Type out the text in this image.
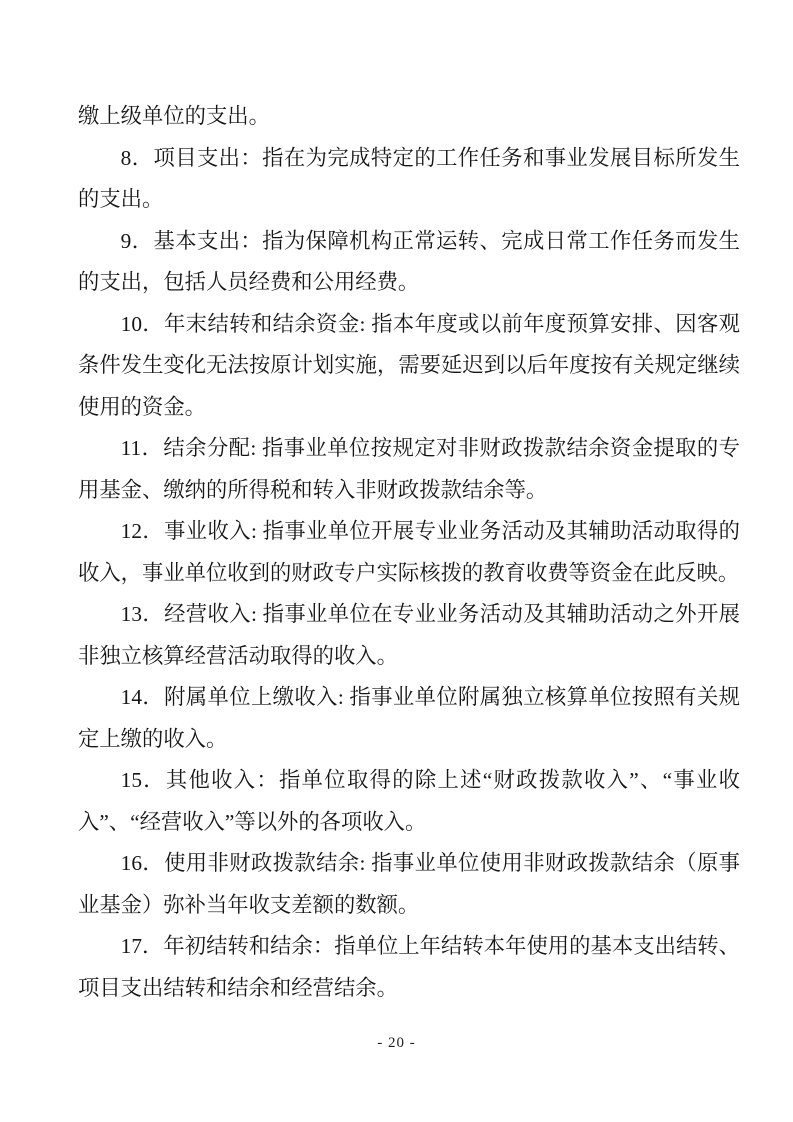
缴上级单位的支出。

8．项目支出：指在为完成特定的工作任务和事业发展目标所发生的支出。

9．基本支出：指为保障机构正常运转、完成日常工作任务而发生的支出，包括人员经费和公用经费。

10．年末结转和结余资金: 指本年度或以前年度预算安排、因客观条件发生变化无法按原计划实施，需要延迟到以后年度按有关规定继续使用的资金。

11．结余分配: 指事业单位按规定对非财政拨款结余资金提取的专用基金、缴纳的所得税和转入非财政拨款结余等。

12．事业收入: 指事业单位开展专业业务活动及其辅助活动取得的收入，事业单位收到的财政专户实际核拨的教育收费等资金在此反映。

13．经营收入: 指事业单位在专业业务活动及其辅助活动之外开展非独立核算经营活动取得的收入。

14．附属单位上缴收入: 指事业单位附属独立核算单位按照有关规定上缴的收入。

15．其他收入：指单位取得的除上述“财政拨款收入”、“事业收入”、“经营收入”等以外的各项收入。

16．使用非财政拨款结余: 指事业单位使用非财政拨款结余（原事业基金）弥补当年收支差额的数额。

17．年初结转和结余：指单位上年结转本年使用的基本支出结转、项目支出结转和结余和经营结余。

- 20 -
